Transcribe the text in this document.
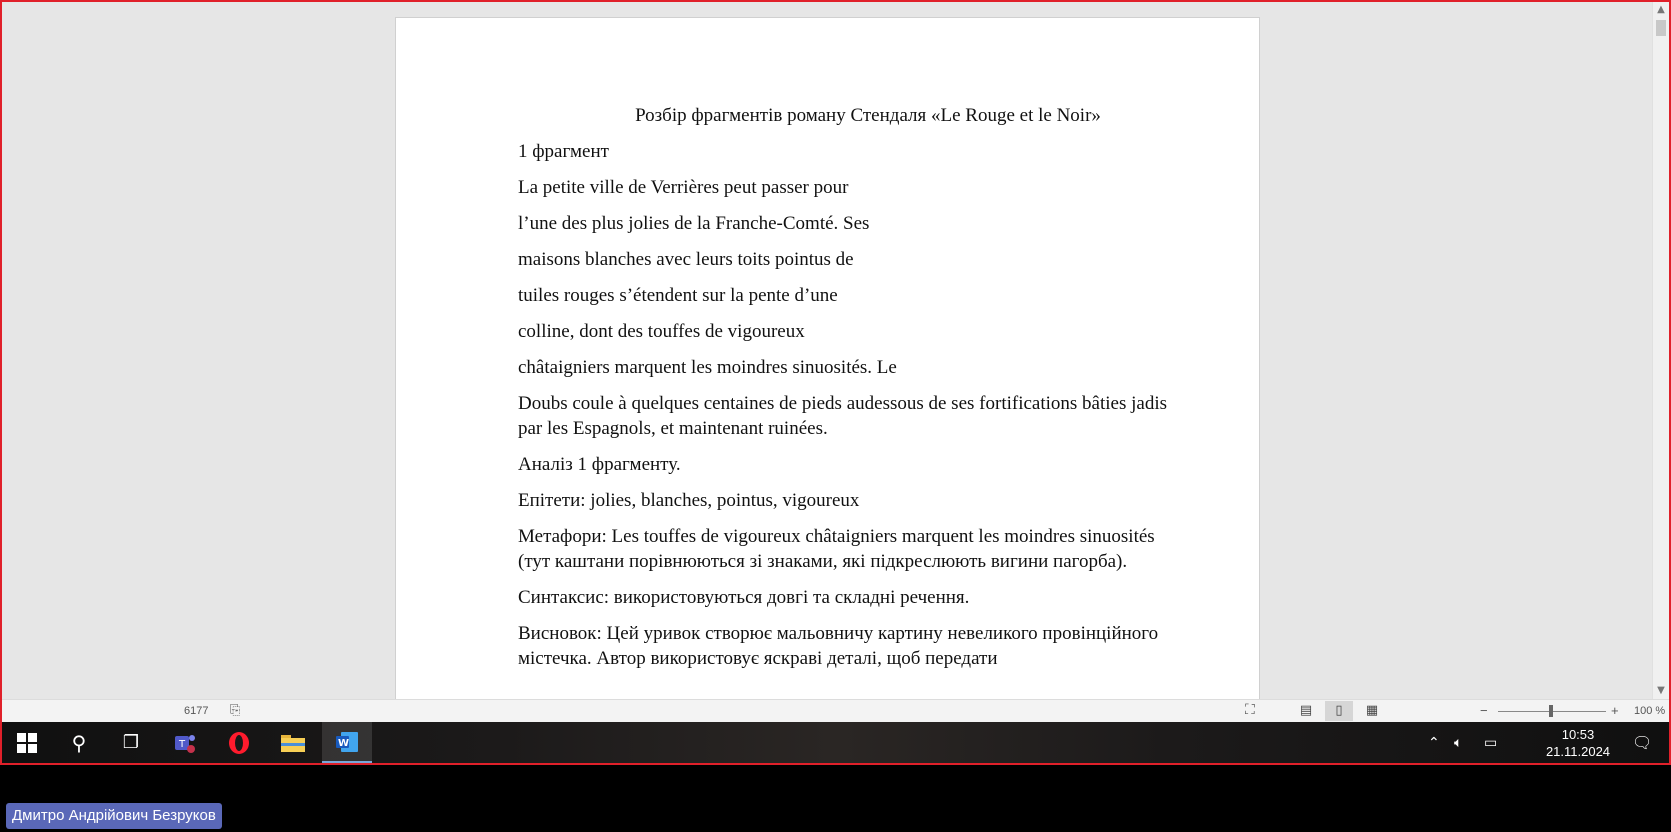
Розбір фрагментів роману Стендаля «Le Rouge et le Noir»

1 фрагмент

La petite ville de Verrières peut passer pour

l’une des plus jolies de la Franche-Comté. Ses

maisons blanches avec leurs toits pointus de

tuiles rouges s’étendent sur la pente d’une

colline, dont des touffes de vigoureux

châtaigniers marquent les moindres sinuosités. Le

Doubs coule à quelques centaines de pieds audessous de ses fortifications bâties jadis par les Espagnols, et maintenant ruinées.

Аналіз 1 фрагменту.

Епітети: jolies, blanches, pointus, vigoureux

Метафори: Les touffes de vigoureux châtaigniers marquent les moindres sinuosités (тут каштани порівнюються зі знаками, які підкреслюють вигини пагорба).

Синтаксис: використовуються довгі та складні речення.

Висновок: Цей уривок створює мальовничу картину невеликого провінційного містечка. Автор використовує яскраві деталі, щоб передати

▲
▼
6177 ⎘	⛶	▤	▯	▦	−	+ 100 %
⚲	❐	T	W	⌃ 🔈︎ ▭	10:53
21.11.2024	🗨︎
Дмитро Андрійович Безруков
